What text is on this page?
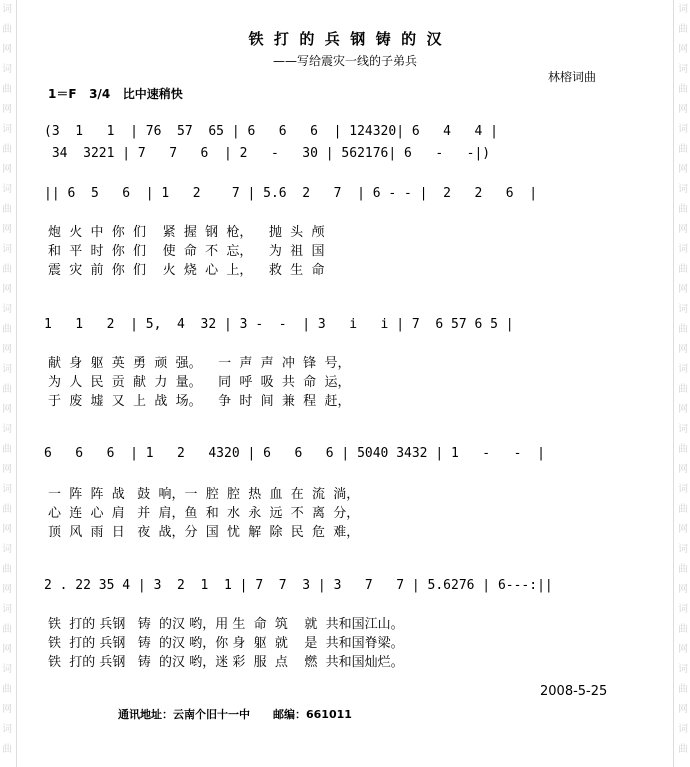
词
曲
网
词
曲
网
词
曲
网
词
曲
网
词
曲
网
词
曲
网
词
曲
网
词
曲
网
词
曲
网
词
曲
网
词
曲
网
词
曲
网
词
曲
词
曲
网
词
曲
网
词
曲
网
词
曲
网
词
曲
网
词
曲
网
词
曲
网
词
曲
网
词
曲
网
词
曲
网
词
曲
网
词
曲
网
词
曲
铁  打  的  兵  钢  铸  的  汉
——写给震灾一线的子弟兵
林榕词曲
1＝F   3/4   比中速稍快
(3  1   1  | 76  57  65 | 6   6   6  | 124320| 6   4   4 |
34  3221 | 7   7   6  | 2   -   30 | 562176| 6   -   -|)
|| 6  5   6  | 1   2    7 | 5.6  2   7  | 6 - - |  2   2   6  |
炮  火  中  你  们    紧  握  钢  枪，    抛  头  颅
和  平  时  你  们    使  命  不  忘，    为  祖  国
震  灾  前  你  们    火  烧  心  上，    救  生  命
1   1   2  | 5,  4  32 | 3 -  -  | 3   i   i | 7  6 57 6 5 |
献  身  躯  英  勇  顽  强。    一  声  声  冲  锋  号，
为  人  民  贡  献  力  量。    同  呼  吸  共  命  运，
于  废  墟  又  上  战  场。    争  时  间  兼  程  赶，
6   6   6  | 1   2   4320 | 6   6   6 | 5040 3432 | 1   -   -  |
一  阵  阵  战   鼓  响，一  腔  腔  热  血  在  流  淌，
心  连  心  肩   并  肩，鱼  和  水  永  远  不  离  分，
顶  风  雨  日   夜  战，分  国  忧  解  除  民  危  难，
2 . 22 35 4 | 3  2  1  1 | 7  7  3 | 3   7   7 | 5.6276 | 6---:||
铁  打的 兵钢   铸  的汉 哟，用 生  命  筑    就  共和国江山。
铁  打的 兵钢   铸  的汉 哟，你 身  躯  就    是  共和国脊梁。
铁  打的 兵钢   铸  的汉 哟，迷 彩  服  点    燃  共和国灿烂。
2008-5-25
通讯地址：云南个旧十一中      邮编：661011
